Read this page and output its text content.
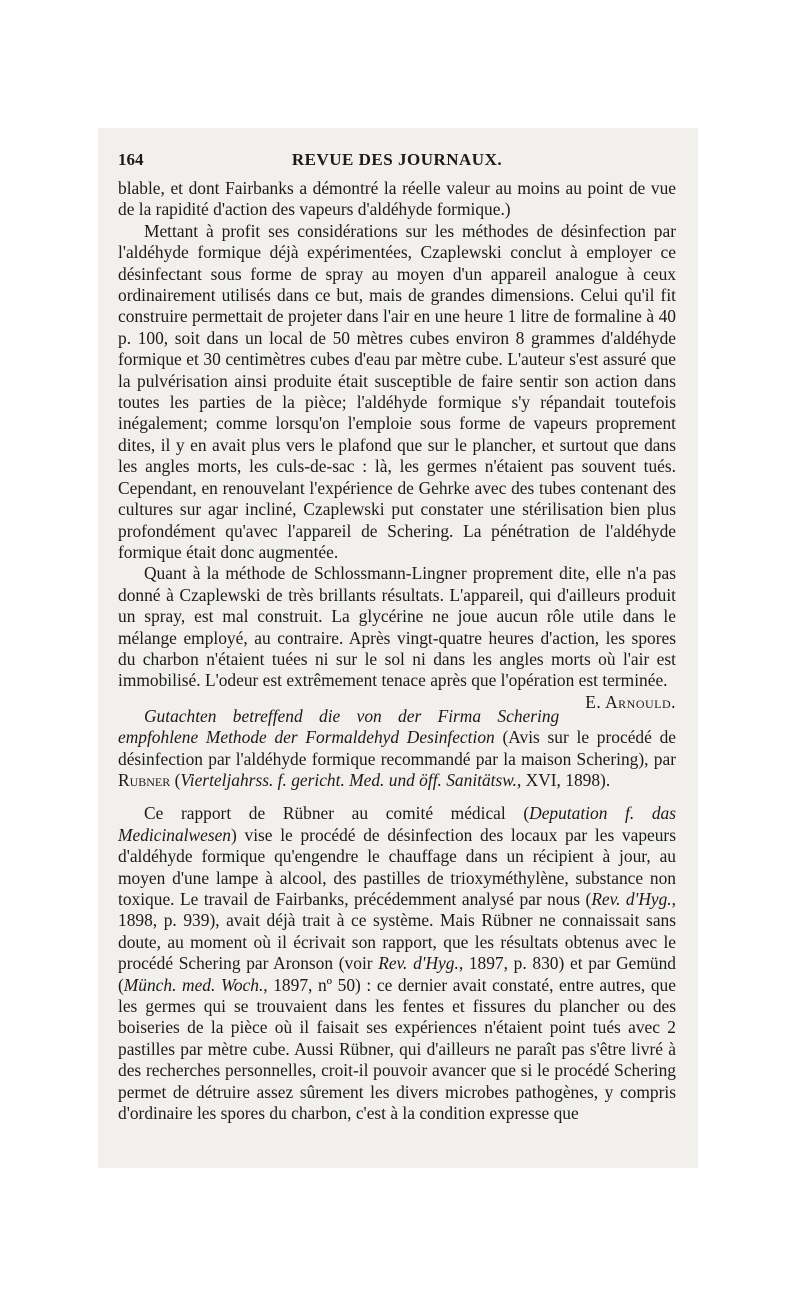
164	REVUE DES JOURNAUX.

blable, et dont Fairbanks a démontré la réelle valeur au moins au point de vue de la rapidité d'action des vapeurs d'aldéhyde formique.)

Mettant à profit ses considérations sur les méthodes de désinfection par l'aldéhyde formique déjà expérimentées, Czaplewski conclut à employer ce désinfectant sous forme de spray au moyen d'un appareil analogue à ceux ordinairement utilisés dans ce but, mais de grandes dimensions. Celui qu'il fit construire permettait de projeter dans l'air en une heure 1 litre de formaline à 40 p. 100, soit dans un local de 50 mètres cubes environ 8 grammes d'aldéhyde formique et 30 centimètres cubes d'eau par mètre cube. L'auteur s'est assuré que la pulvérisation ainsi produite était susceptible de faire sentir son action dans toutes les parties de la pièce; l'aldéhyde formique s'y répandait toutefois inégalement; comme lorsqu'on l'emploie sous forme de vapeurs proprement dites, il y en avait plus vers le plafond que sur le plancher, et surtout que dans les angles morts, les culs-de-sac : là, les germes n'étaient pas souvent tués. Cependant, en renouvelant l'expérience de Gehrke avec des tubes contenant des cultures sur agar incliné, Czaplewski put constater une stérilisation bien plus profondément qu'avec l'appareil de Schering. La pénétration de l'aldéhyde formique était donc augmentée.

Quant à la méthode de Schlossmann-Lingner proprement dite, elle n'a pas donné à Czaplewski de très brillants résultats. L'appareil, qui d'ailleurs produit un spray, est mal construit. La glycérine ne joue aucun rôle utile dans le mélange employé, au contraire. Après vingt-quatre heures d'action, les spores du charbon n'étaient tuées ni sur le sol ni dans les angles morts où l'air est immobilisé. L'odeur est extrêmement tenace après que l'opération est terminée.
E. Arnould.

Gutachten betreffend die von der Firma Schering empfohlene Methode der Formaldehyd Desinfection (Avis sur le procédé de désinfection par l'aldéhyde formique recommandé par la maison Schering), par Rubner (Vierteljahrss. f. gericht. Med. und öff. Sanitätsw., XVI, 1898).

Ce rapport de Rübner au comité médical (Deputation f. das Medicinalwesen) vise le procédé de désinfection des locaux par les vapeurs d'aldéhyde formique qu'engendre le chauffage dans un récipient à jour, au moyen d'une lampe à alcool, des pastilles de trioxyméthylène, substance non toxique. Le travail de Fairbanks, précédemment analysé par nous (Rev. d'Hyg., 1898, p. 939), avait déjà trait à ce système. Mais Rübner ne connaissait sans doute, au moment où il écrivait son rapport, que les résultats obtenus avec le procédé Schering par Aronson (voir Rev. d'Hyg., 1897, p. 830) et par Gemünd (Münch. med. Woch., 1897, nº 50) : ce dernier avait constaté, entre autres, que les germes qui se trouvaient dans les fentes et fissures du plancher ou des boiseries de la pièce où il faisait ses expériences n'étaient point tués avec 2 pastilles par mètre cube. Aussi Rübner, qui d'ailleurs ne paraît pas s'être livré à des recherches personnelles, croit-il pouvoir avancer que si le procédé Schering permet de détruire assez sûrement les divers microbes pathogènes, y compris d'ordinaire les spores du charbon, c'est à la condition expresse que
